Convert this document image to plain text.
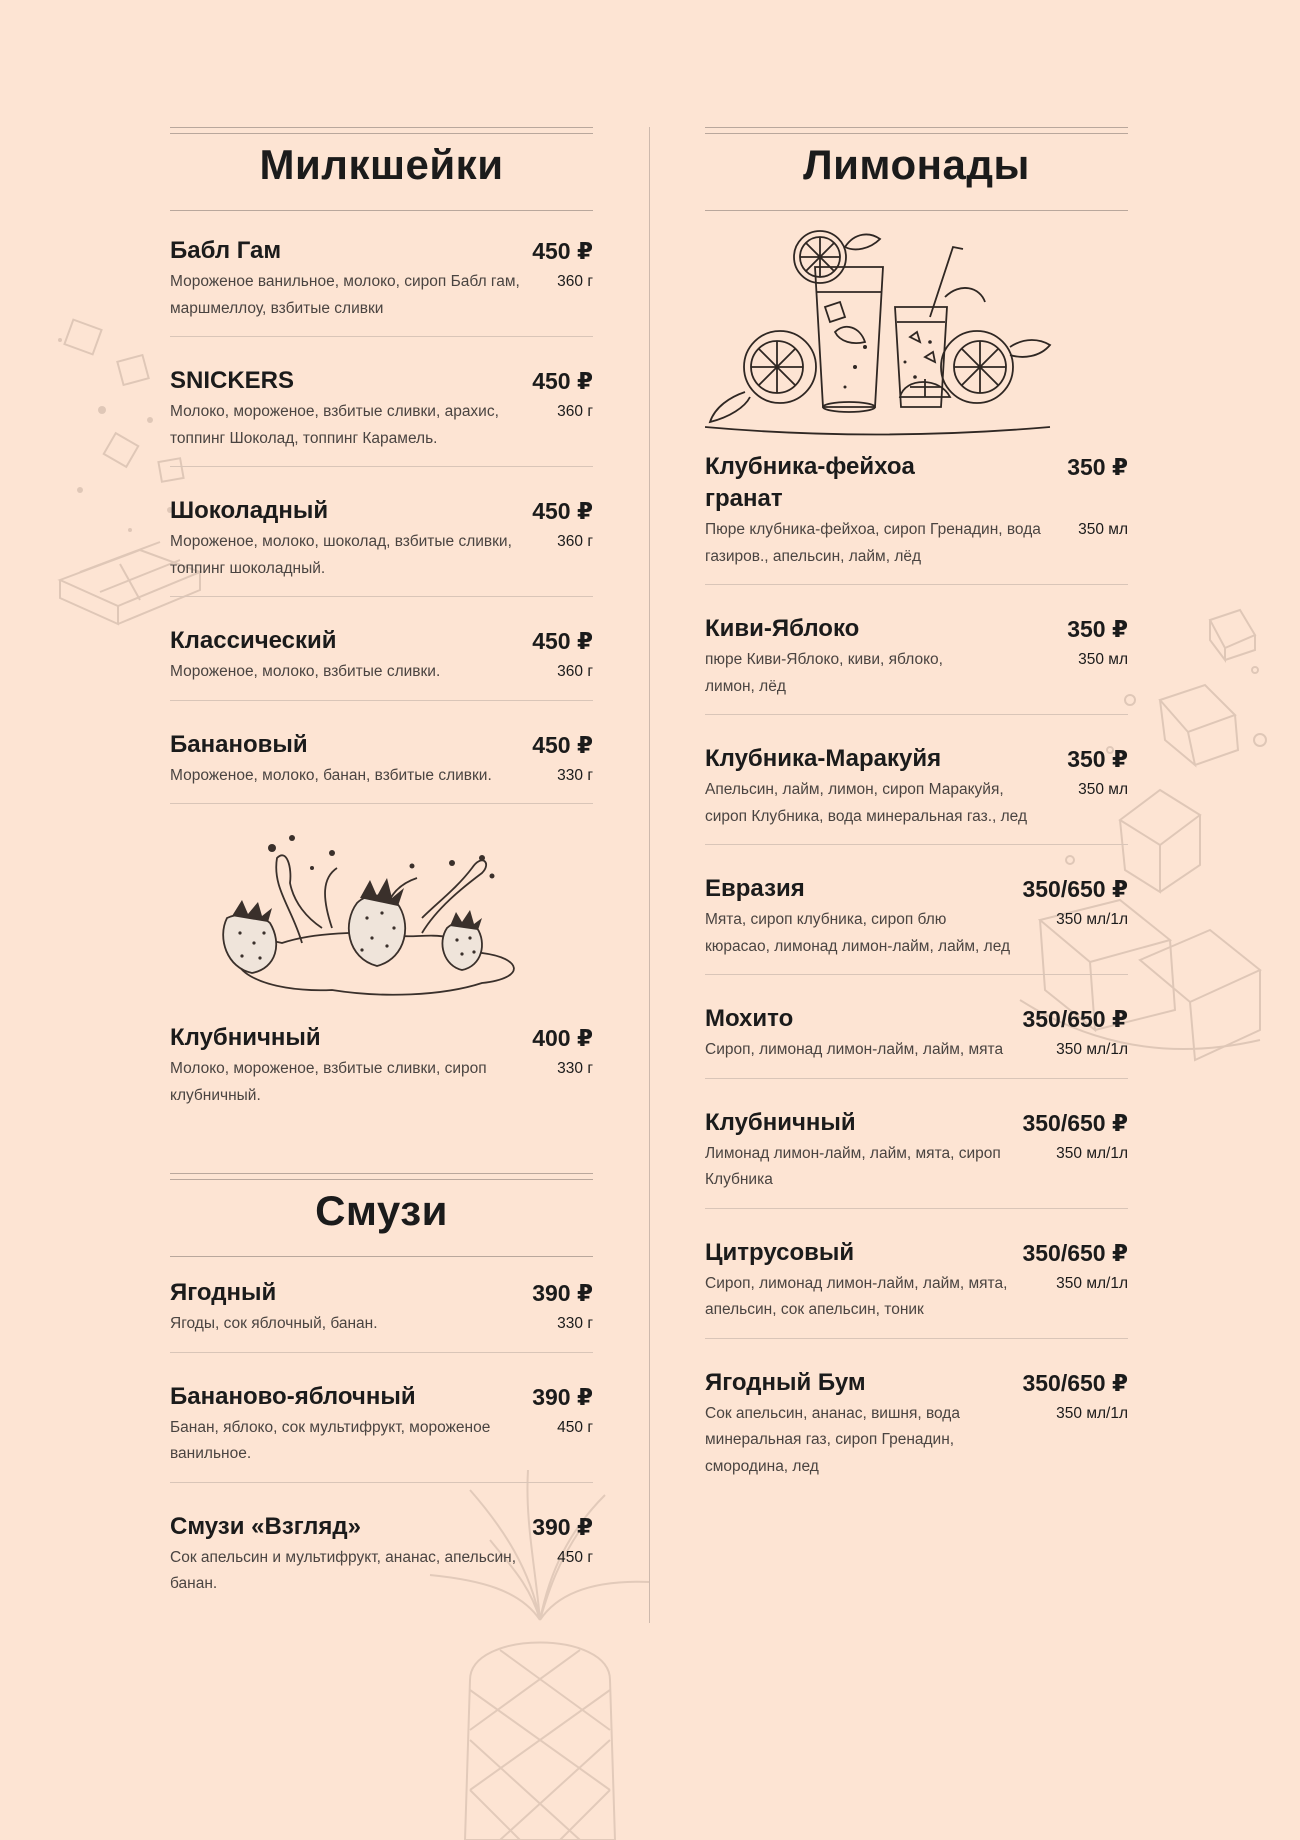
Милкшейки
Бабл Гам	450 ₽
Мороженое ванильное, молоко, сироп Бабл гам, маршмеллоу, взбитые сливки
360 г
SNICKERS	450 ₽
Молоко, мороженое, взбитые сливки, арахис, топпинг Шоколад, топпинг Карамель.
360 г
Шоколадный	450 ₽
Мороженое, молоко, шоколад, взбитые сливки, топпинг шоколадный.
360 г
Классический	450 ₽
Мороженое, молоко, взбитые сливки.	360 г
Банановый	450 ₽
Мороженое, молоко, банан, взбитые сливки.	330 г
Клубничный	400 ₽
Молоко, мороженое, взбитые сливки, сироп клубничный.
330 г
Смузи
Ягодный	390 ₽
Ягоды, сок яблочный, банан.	330 г
Бананово-яблочный	390 ₽
Банан, яблоко, сок мультифрукт, мороженое ванильное.
450 г
Смузи «Взгляд»	390 ₽
Сок апельсин и мультифрукт, ананас, апельсин, банан.
450 г
Лимонады
Клубника-фейхоа гранат
350 ₽
Пюре клубника-фейхоа, сироп Гренадин, вода газиров., апельсин, лайм, лёд
350 мл
Киви-Яблоко	350 ₽
пюре Киви-Яблоко, киви, яблоко, лимон, лёд
350 мл
Клубника-Маракуйя	350 ₽
Апельсин, лайм, лимон, сироп Маракуйя, сироп Клубника, вода минеральная газ., лед
350 мл
Евразия	350/650 ₽
Мята, сироп клубника, сироп блю кюрасао, лимонад лимон-лайм, лайм, лед
350 мл/1л
Мохито	350/650 ₽
Сироп, лимонад лимон-лайм, лайм, мята	350 мл/1л
Клубничный	350/650 ₽
Лимонад лимон-лайм, лайм, мята, сироп Клубника
350 мл/1л
Цитрусовый	350/650 ₽
Сироп, лимонад лимон-лайм, лайм, мята, апельсин, сок апельсин, тоник
350 мл/1л
Ягодный Бум	350/650 ₽
Сок апельсин, ананас, вишня, вода минеральная газ, сироп Гренадин, смородина, лед
350 мл/1л
